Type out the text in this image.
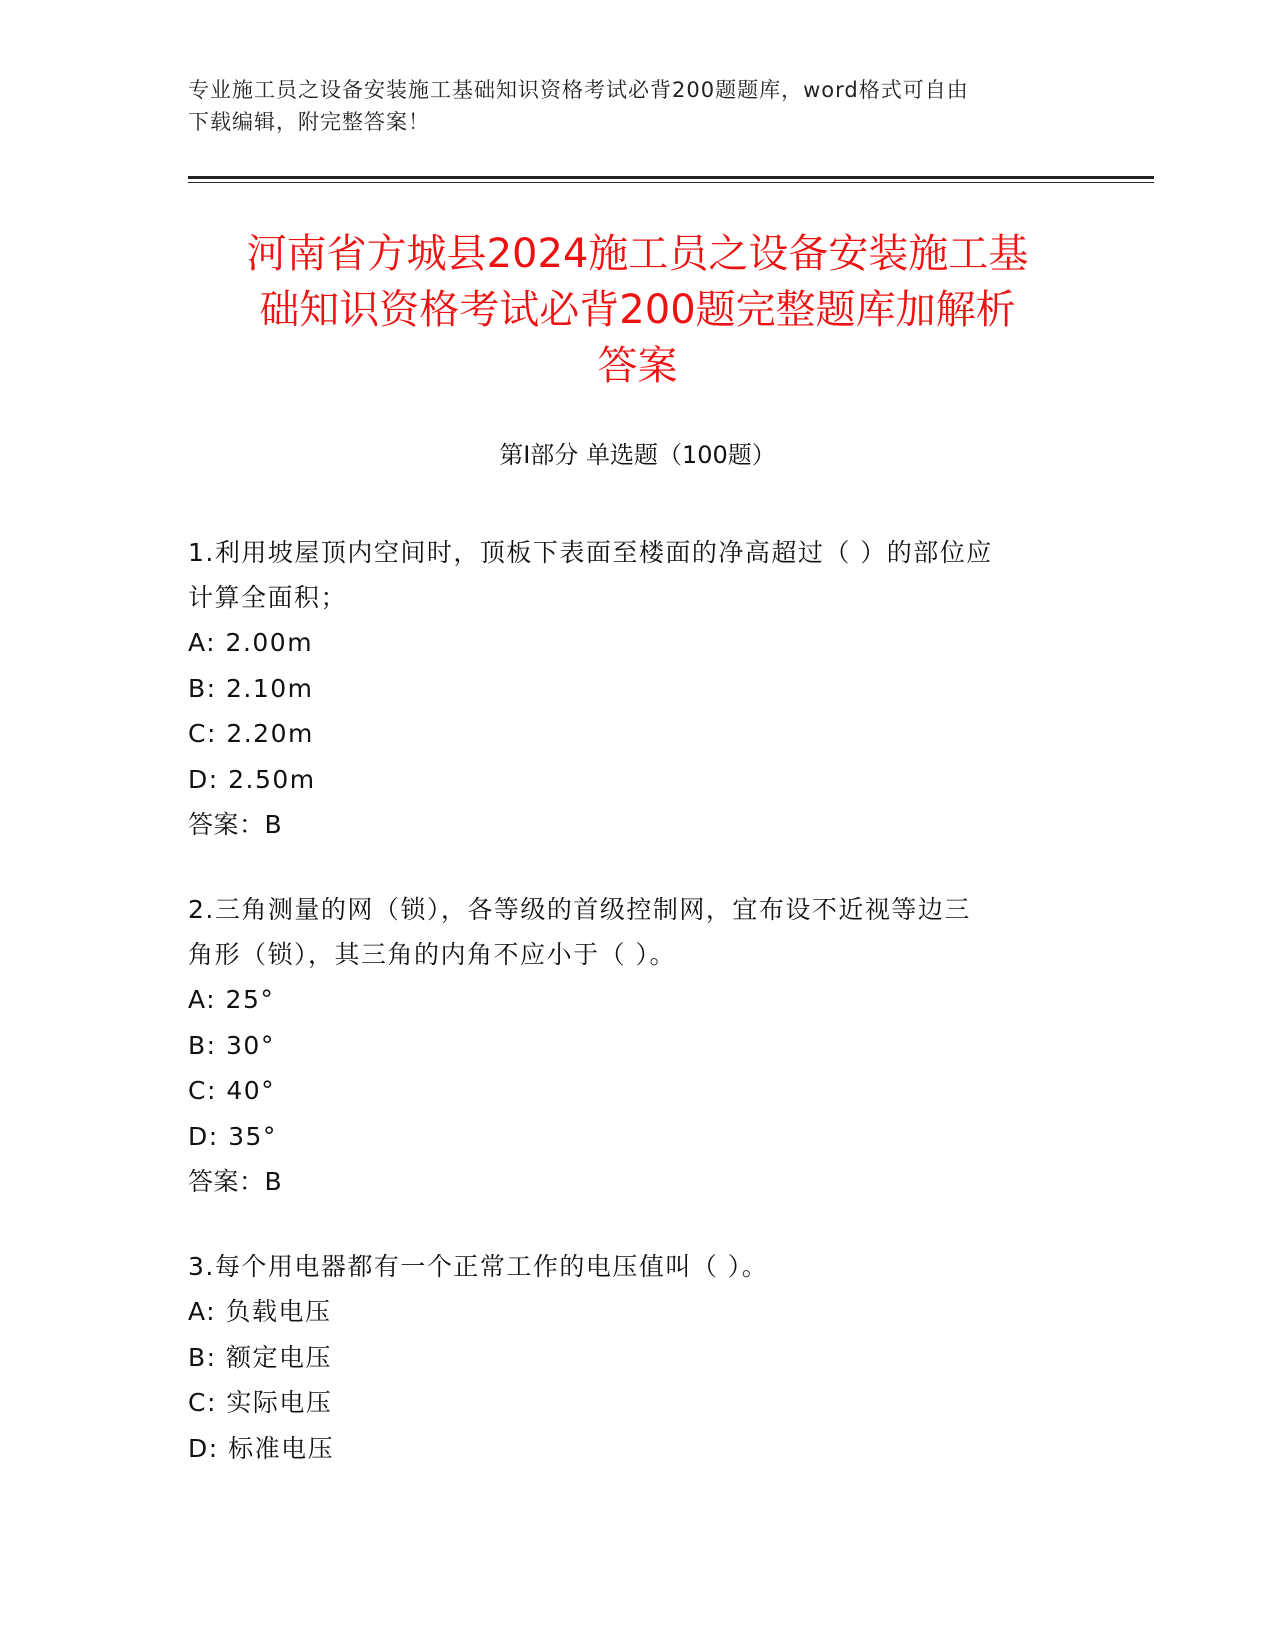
专业施工员之设备安装施工基础知识资格考试必背200题题库，word格式可自由
下载编辑，附完整答案！
河南省方城县2024施工员之设备安装施工基
础知识资格考试必背200题完整题库加解析
答案
第I部分 单选题（100题）

1.利用坡屋顶内空间时，顶板下表面至楼面的净高超过（ ）的部位应
计算全面积；

A: 2.00m

B: 2.10m

C: 2.20m

D: 2.50m

答案：B

2.三角测量的网（锁），各等级的首级控制网，宜布设不近视等边三
角形（锁），其三角的内角不应小于（ ）。

A: 25°

B: 30°

C: 40°

D: 35°

答案：B

3.每个用电器都有一个正常工作的电压值叫（ ）。

A: 负载电压

B: 额定电压

C: 实际电压

D: 标准电压
